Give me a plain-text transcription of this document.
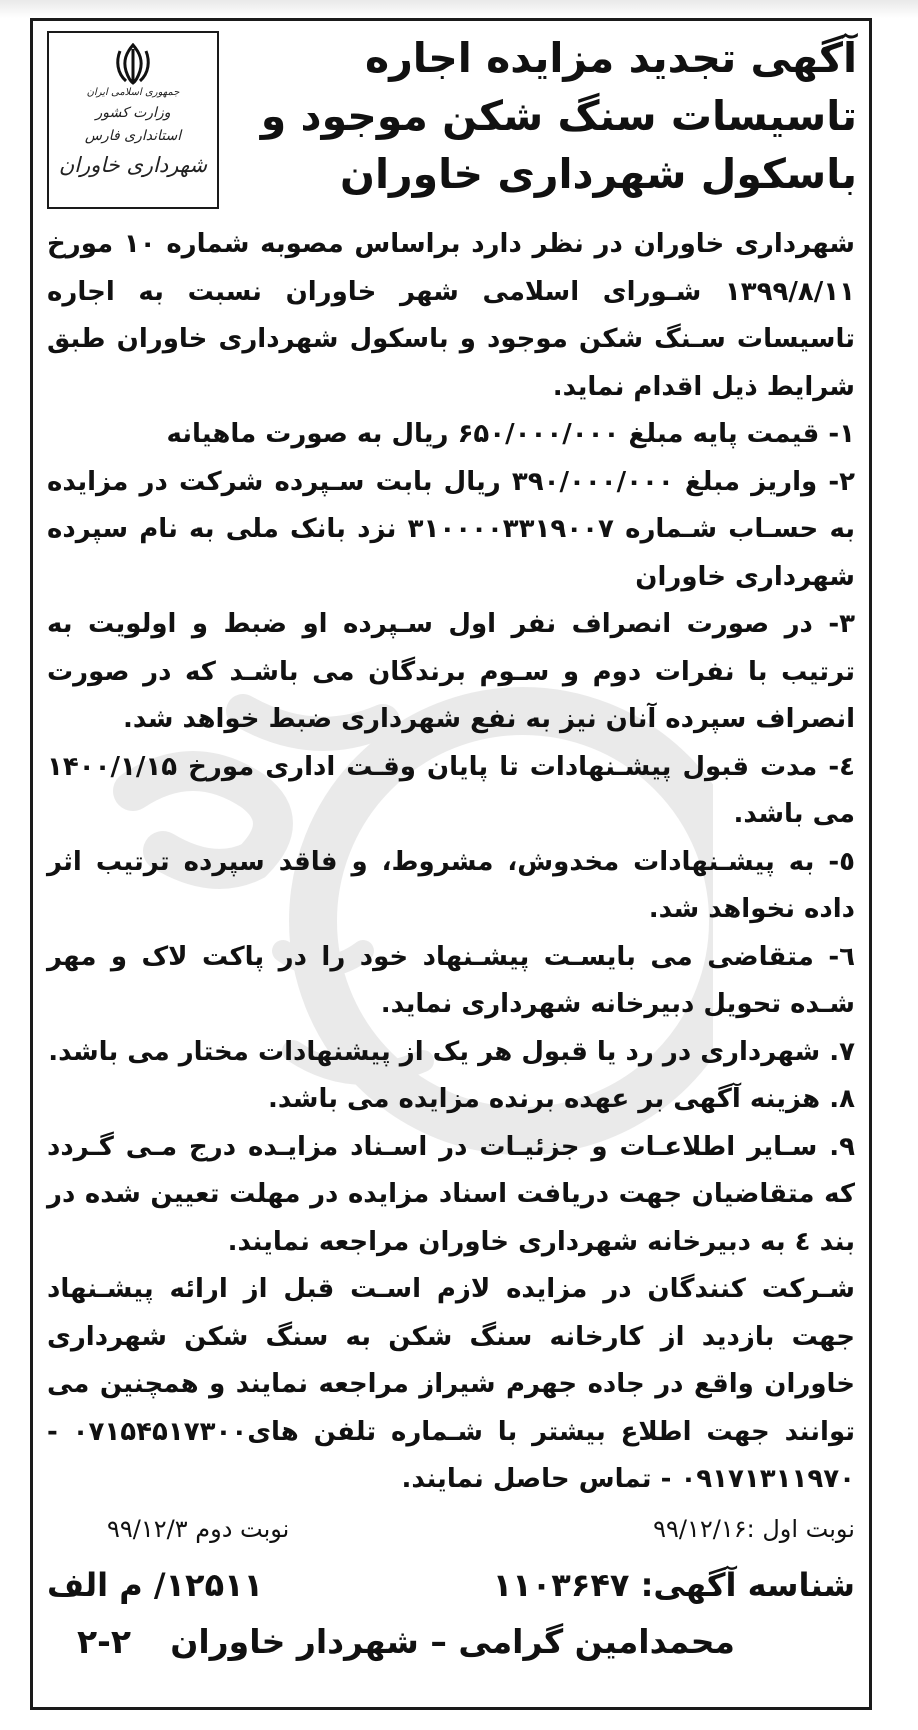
جمهوری اسلامی ایران
وزارت کشور
استانداری فارس
شهرداری خاوران
آگهی تجدید مزایده اجاره تاسیسات سنگ شکن موجود و باسکول شهرداری خاوران

شهرداری خاوران در نظر دارد براساس مصوبه شماره ۱۰ مورخ ۱۳۹۹/۸/۱۱ شـورای اسلامی شهر خاوران نسبت به اجاره تاسیسات سـنگ شکن موجود و باسکول شهرداری خاوران طبق شرایط ذیل اقدام نماید.

۱- قیمت پایه مبلغ ۶۵۰/۰۰۰/۰۰۰ ریال به صورت ماهیانه

۲- واریز مبلغ ۳۹۰/۰۰۰/۰۰۰ ریال بابت سـپرده شرکت در مزایده به حسـاب شـماره ۳۱۰۰۰۰۳۳۱۹۰۰۷ نزد بانک ملی به نام سپرده شهرداری خاوران

۳- در صورت انصراف نفر اول سـپرده او ضبط و اولویت به ترتیب با نفرات دوم و سـوم برندگان می باشـد که در صورت انصراف سپرده آنان نیز به نفع شهرداری ضبط خواهد شد.

٤- مدت قبول پیشـنهادات تا پایان وقـت اداری مورخ ۱۴۰۰/۱/۱۵ می باشد.

٥- به پیشـنهادات مخدوش، مشروط، و فاقد سپرده ترتیب اثر داده نخواهد شد.

٦- متقاضی می بایسـت پیشـنهاد خود را در پاکت لاک و مهر شـده تحویل دبیرخانه شهرداری نماید.

۷. شهرداری در رد یا قبول هر یک از پیشنهادات مختار می باشد.

۸. هزینه آگهی بر عهده برنده مزایده می باشد.

۹. سـایر اطلاعـات و جزئیـات در اسـناد مزایـده درج مـی گـردد که متقاضیان جهت دریافت اسناد مزایده در مهلت تعیین شده در بند ٤ به دبیرخانه شهرداری خاوران مراجعه نمایند.

شـرکت کنندگان در مزایده لازم اسـت قبل از ارائه پیشـنهاد جهت بازدید از کارخانه سنگ شکن به سنگ شکن شهرداری خاوران واقع در جاده جهرم شیراز مراجعه نمایند و همچنین می توانند جهت اطلاع بیشتر با شـماره تلفن های۰۷۱۵۴۵۱۷۳۰۰ - ۰۹۱۷۱۳۱۱۹۷۰ - تماس حاصل نمایند.

نوبت اول :۹۹/۱۲/۱۶
نوبت دوم ۹۹/۱۲/۳
شناسه آگهی: ۱۱۰۳۶۴۷
۱۲۵۱۱/ م الف
محمدامین گرامی – شهردار خاوران
۲-۲
